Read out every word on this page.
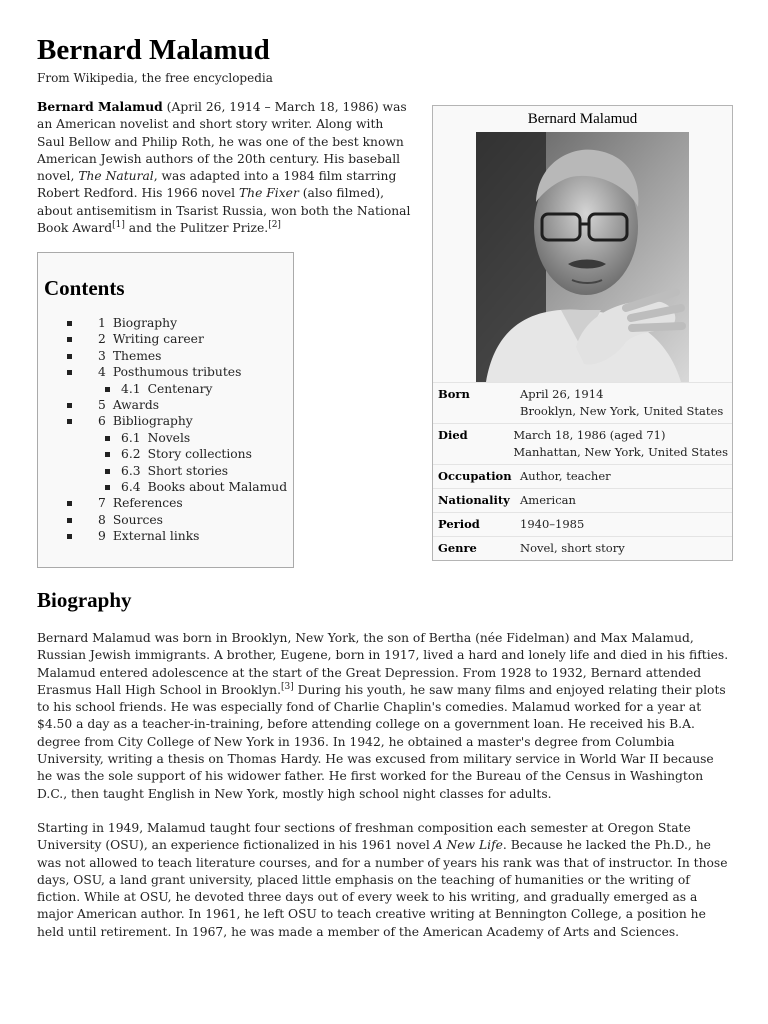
Bernard Malamud
From Wikipedia, the free encyclopedia
Bernard Malamud (April 26, 1914 – March 18, 1986) was an American novelist and short story writer. Along with Saul Bellow and Philip Roth, he was one of the best known American Jewish authors of the 20th century. His baseball novel, The Natural, was adapted into a 1984 film starring Robert Redford. His 1966 novel The Fixer (also filmed), about antisemitism in Tsarist Russia, won both the National Book Award[1] and the Pulitzer Prize.[2]
Bernard Malamud
Born	April 26, 1914
Brooklyn, New York, United States
Died	March 18, 1986 (aged 71)
Manhattan, New York, United States
Occupation Author, teacher
Nationality American
Period	1940–1985
Genre	Novel, short story
Contents
1 Biography
2 Writing career
3 Themes
4 Posthumous tributes
4.1 Centenary
5 Awards
6 Bibliography
6.1 Novels
6.2 Story collections
6.3 Short stories
6.4 Books about Malamud
7 References
8 Sources
9 External links
Biography

Bernard Malamud was born in Brooklyn, New York, the son of Bertha (née Fidelman) and Max Malamud, Russian Jewish immigrants. A brother, Eugene, born in 1917, lived a hard and lonely life and died in his fifties. Malamud entered adolescence at the start of the Great Depression. From 1928 to 1932, Bernard attended Erasmus Hall High School in Brooklyn.[3] During his youth, he saw many films and enjoyed relating their plots to his school friends. He was especially fond of Charlie Chaplin's comedies. Malamud worked for a year at $4.50 a day as a teacher-in-training, before attending college on a government loan. He received his B.A. degree from City College of New York in 1936. In 1942, he obtained a master's degree from Columbia University, writing a thesis on Thomas Hardy. He was excused from military service in World War II because he was the sole support of his widower father. He first worked for the Bureau of the Census in Washington D.C., then taught English in New York, mostly high school night classes for adults.

Starting in 1949, Malamud taught four sections of freshman composition each semester at Oregon State University (OSU), an experience fictionalized in his 1961 novel A New Life. Because he lacked the Ph.D., he was not allowed to teach literature courses, and for a number of years his rank was that of instructor. In those days, OSU, a land grant university, placed little emphasis on the teaching of humanities or the writing of fiction. While at OSU, he devoted three days out of every week to his writing, and gradually emerged as a major American author. In 1961, he left OSU to teach creative writing at Bennington College, a position he held until retirement. In 1967, he was made a member of the American Academy of Arts and Sciences.
